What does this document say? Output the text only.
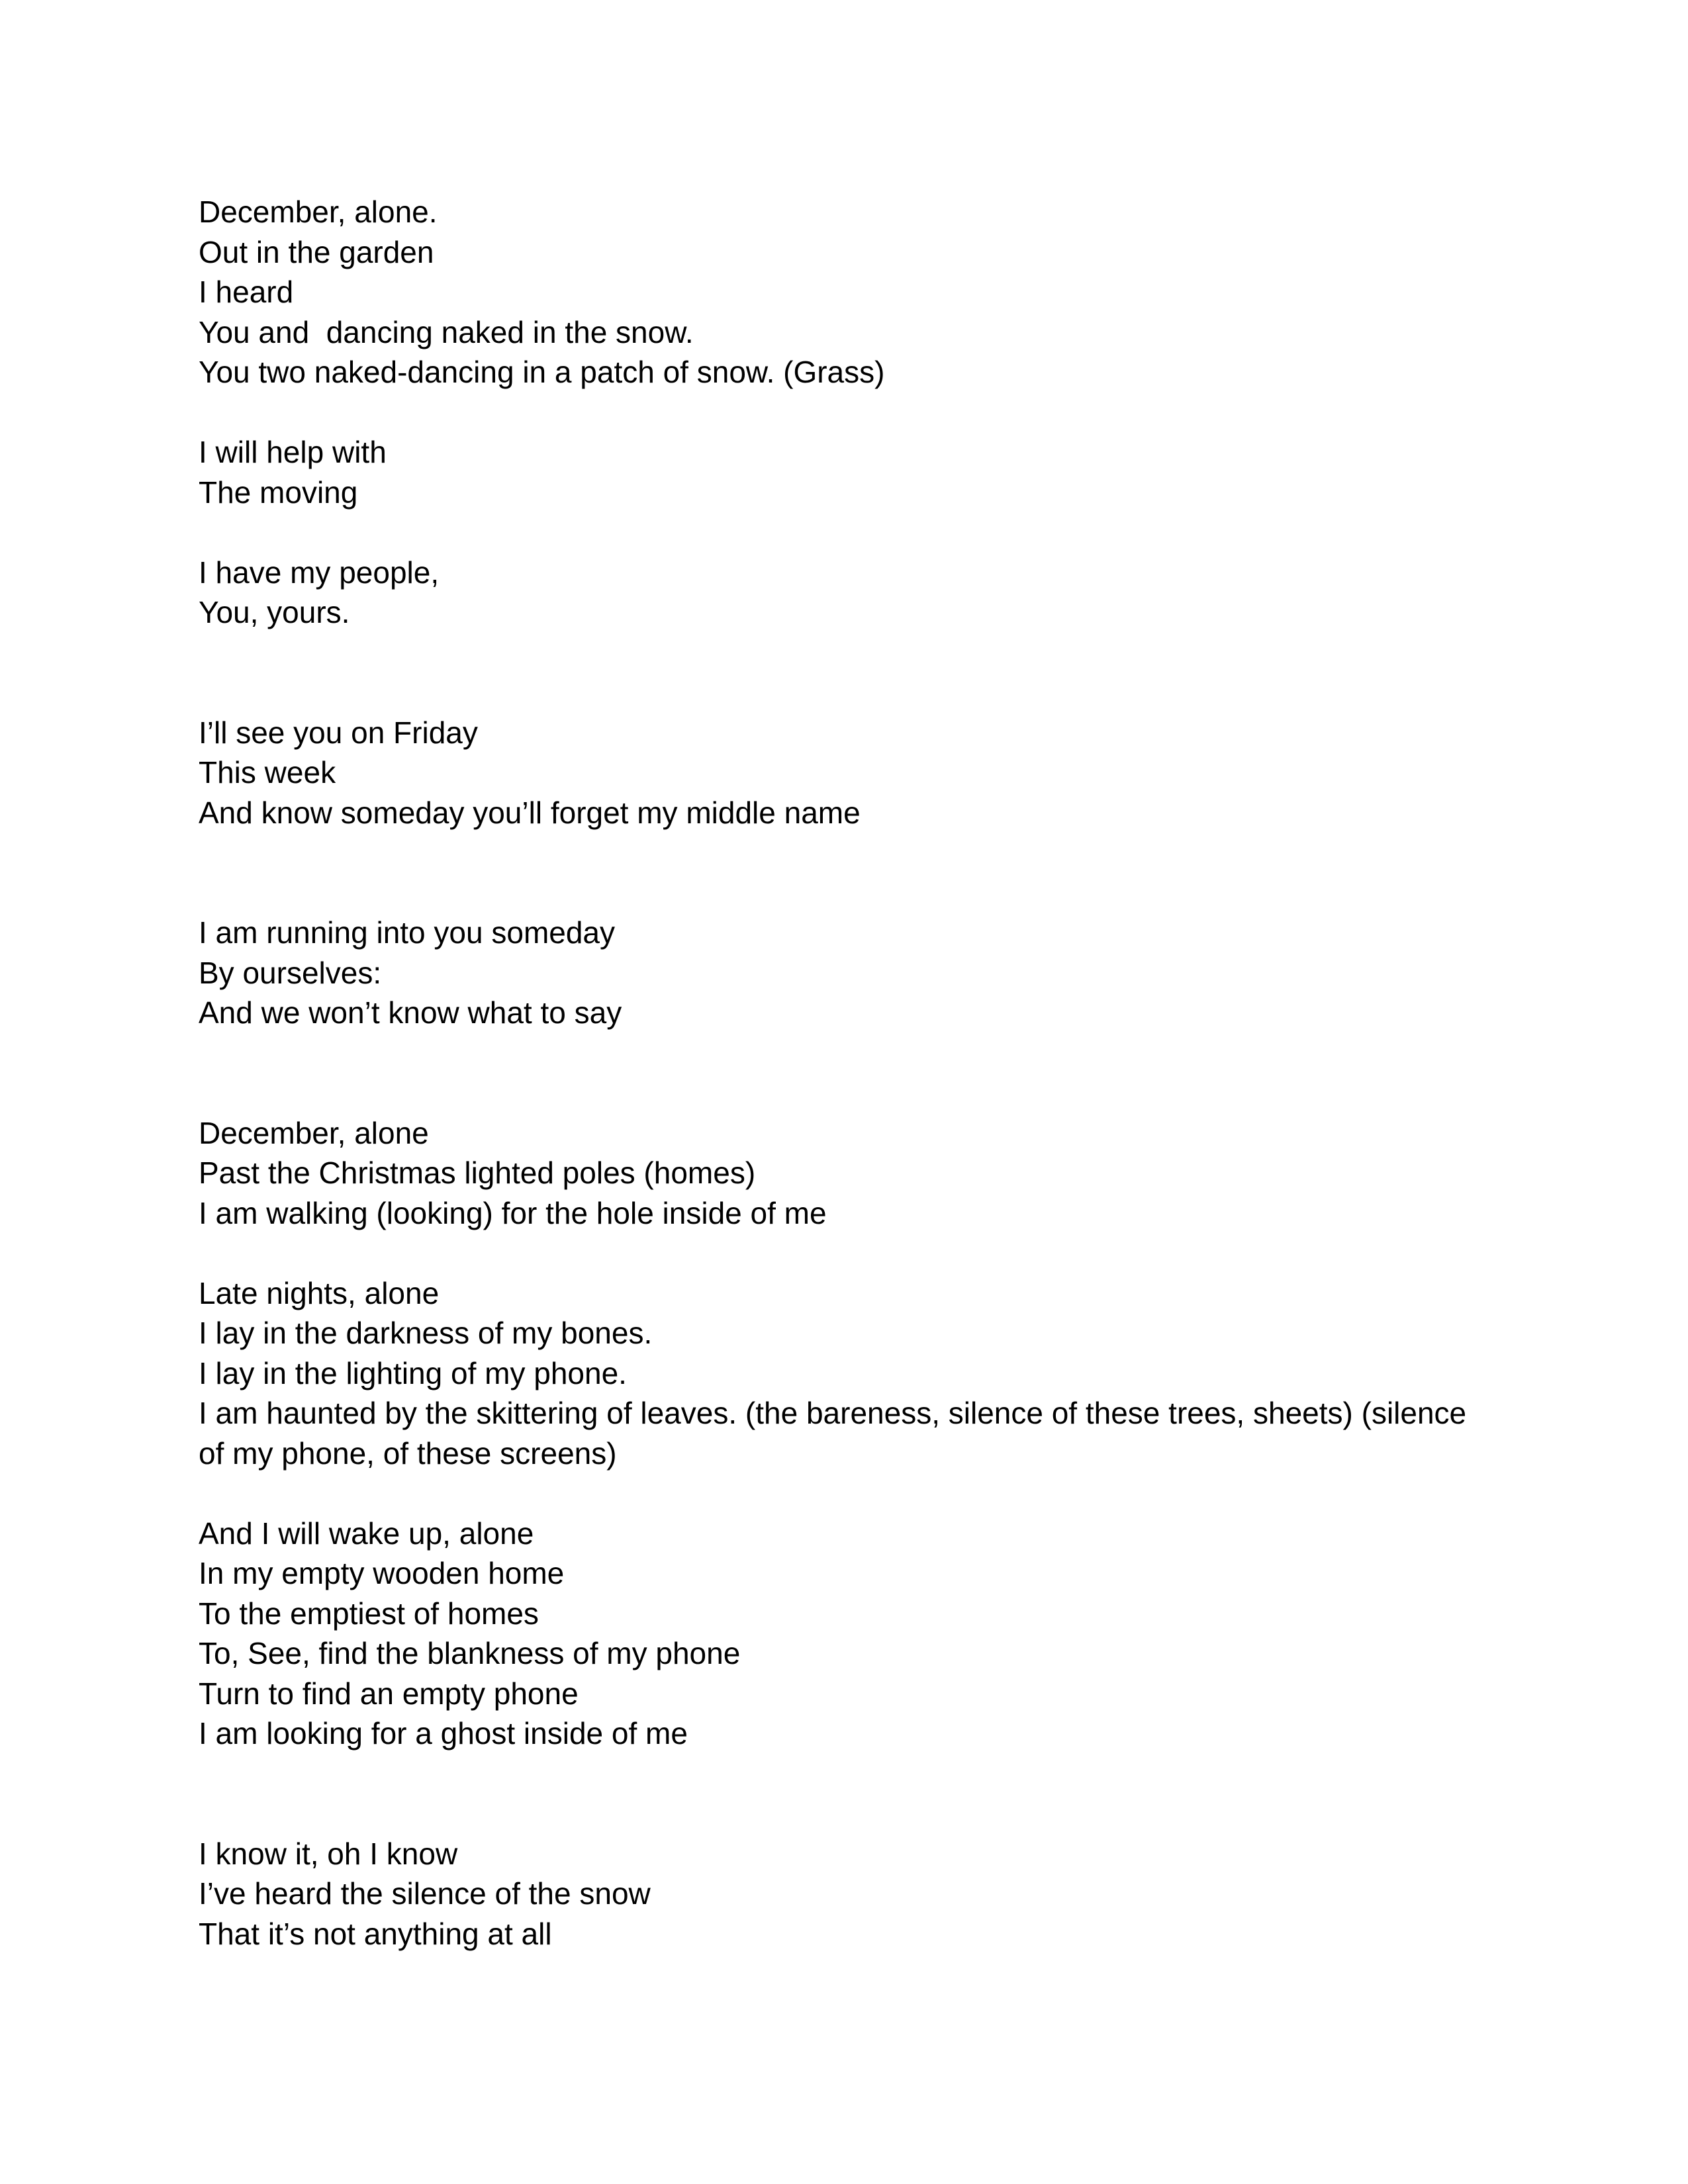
December, alone.
Out in the garden
I heard
You and  dancing naked in the snow.
You two naked-dancing in a patch of snow. (Grass)

I will help with
The moving

I have my people,
You, yours.

I’ll see you on Friday
This week
And know someday you’ll forget my middle name

I am running into you someday
By ourselves:
And we won’t know what to say

December, alone
Past the Christmas lighted poles (homes)
I am walking (looking) for the hole inside of me

Late nights, alone
I lay in the darkness of my bones.
I lay in the lighting of my phone.
I am haunted by the skittering of leaves. (the bareness, silence of these trees, sheets) (silence
of my phone, of these screens)

And I will wake up, alone
In my empty wooden home
To the emptiest of homes
To, See, find the blankness of my phone
Turn to find an empty phone
I am looking for a ghost inside of me

I know it, oh I know
I’ve heard the silence of the snow
That it’s not anything at all
